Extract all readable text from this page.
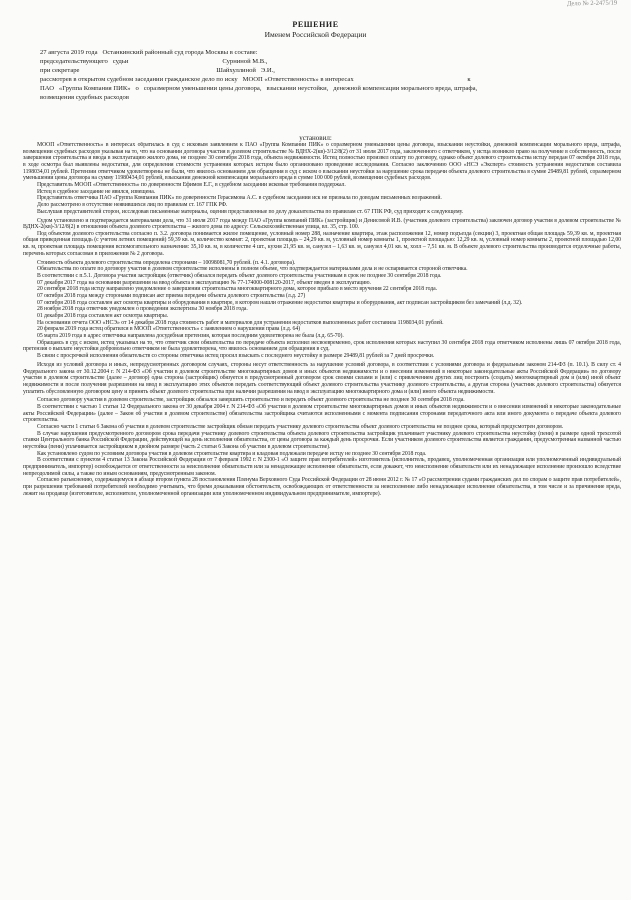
Дело № 2-2475/19
РЕШЕНИЕ
Именем Российской Федерации
27 августа 2019 года   Останкинский районный суд города Москвы в составе:
председательствующего   судьи                                                         Сурниной М.В.,
при секретаре                                                                                   Шайхуллиной   Э.И.,
рассмотрев в открытом судебном заседании гражданское дело по иску   МООП «Ответственность» в интересах                                                                     к
ПАО   «Группа Компания ПИК»   о   соразмерном уменьшении цены договора,   взыскании неустойки,   денежной компенсации морального вреда, штрафа,
возмещения судебных расходов
установил:

МООП «Ответственность» в интересах обратилась в суд с исковым заявлением к ПАО «Группа Компании ПИК» о соразмерном уменьшении цены договора, взыскании неустойки, денежной компенсации морального вреда, штрафа, возмещении судебных расходов указывая на то, что на основании договора участия в долевом строительстве № ВДНХ-2(кв)-3/12/8(2) от 31 июля 2017 года, заключенного с ответчиком, у истца возникло право на получение в собственность, после завершения строительства и ввода в эксплуатацию жилого дома, не позднее 30 сентября 2018 года, объекта недвижимости. Истец полностью произвел оплату по договору, однако объект долевого строительства истцу передан 07 октября 2018 года, в ходе осмотра был выявлены недостатки, для определения стоимости устранения которых истцом было организовано проведение исследования. Согласно заключению ООО «НСЭ «Эксперт» стоимость устранения недостатков составила 1198034,01 рублей. Претензии ответчиком удовлетворены не были, что явилось основанием для обращения в суд с иском о взыскании неустойки за нарушение срока передачи объекта долевого строительства в сумме 29489,81 рублей, соразмерном уменьшении цены договора на сумму 11980434,01 рублей, взыскании денежной компенсации морального вреда в сумме 100 000 рублей, возмещении судебных расходов.

Представитель МООП «Ответственность» по доверенности Ефимов Е.Г., в судебном заседании исковые требования поддержал.

Истец в судебное заседание не явился, извещена.

Представитель ответчика ПАО «Группа Компания ПИК» по доверенности Герасимова А.С. в судебном заседании иск не признала по доводам письменных возражений.

Дело рассмотрено в отсутствие неявившихся лиц по правилам ст. 167 ГПК РФ.

Выслушав представителей сторон, исследовав письменные материалы, оценив представленные по делу доказательства по правилам ст. 67 ГПК РФ, суд приходит к следующему.

Судом установлено и подтверждается материалами дела, что 31 июля 2017 года между ПАО «Группа компаний ПИК» (застройщик) и Денисовой И.В. (участник долевого строительства) заключен договор участия в долевом строительстве № ВДНХ-2(кв)-3/12/8(2) в отношении объекта долевого строительства – жилого дома по адресу: Сельскохозяйственная улица, вл. 35, стр. 100.

Под объектом долевого строительства согласно п. 3.2. договора понимается жилое помещение, условный номер 288, назначение квартира, этаж расположения 12, номер подъезда (секции) 3, проектная общая площадь 59,39 кв. м, проектная общая приведенная площадь (с учетом летних помещений) 59,39 кв. м, количество комнат: 2, проектная площадь – 24,29 кв. м, условный номер комнаты 1, проектной площадью: 12,29 кв. м, условный номер комнаты 2, проектной площадью 12,00 кв. м, проектная площадь помещения вспомогательного назначения: 35,10 кв. м, в количестве 4 шт., кухня 21,95 кв. м, санузел – 1,63 кв. м, санузел 4,01 кв. м, холл – 7,51 кв. м. В объекте долевого строительства производится отделочные работы, перечень которых согласован в приложении № 2 договора.

Стоимость объекта долевого строительства определена сторонами – 10098081,70 рублей. (п. 4.1. договора).

Обязательства по оплате по договору участия в долевом строительстве исполнены в полном объеме, что подтверждается материалами дела и не оспаривается стороной ответчика.

В соответствии с п.5.1. Договора участия застройщик (ответчик) обязался передать объект долевого строительства участникам в срок не позднее 30 сентября 2018 года.

07 декабря 2017 года на основании разрешения на ввод объекта в эксплуатацию № 77-174000-008120-2017, объект введен в эксплуатацию.

20 сентября 2018 года истцу направлено уведомление о завершении строительства многоквартирного дома, которое прибыло в место вручения 22 сентября 2018 года.

07 октября 2018 года между сторонами подписан акт приема передачи объекта долевого строительства (л.д. 27)

07 октября 2018 года составлен акт осмотра квартиры и оборудования в квартире, в котором нашли отражение недостатки квартиры и оборудования, акт подписан застройщиком без замечаний (л.д. 32).

28 ноября 2018 года ответчик уведомлен о проведении экспертизы 30 ноября 2018 года.

01 декабря 2018 года составлен акт осмотра квартиры.

На основании отчета ООО «НСЭ» от 14 декабря 2018 года стоимость работ и материалов для устранения недостатков выполненных работ составила 1198034,01 рублей.

20 февраля 2019 года истец обратился в МООП «Ответственность» с заявлением о нарушении права (л.д. 64)

05 марта 2019 года в адрес ответчика направлена досудебная претензия, которая последним удовлетворена не была (л.д. 65-70).

Обращаясь в суд с иском, истец указывал на то, что ответчик свои обязательства по передаче объекта исполнил несвоевременно, срок исполнения которых наступил 30 сентября 2018 года ответчиком исполнены лишь 07 октября 2018 года, претензия о выплате неустойки добровольно ответчиком не была удовлетворена, что явилось основанием для обращения в суд.

В связи с просрочкой исполнения обязательств со стороны ответчика истец просил взыскать с последнего неустойку в размере 29489,81 рублей за 7 дней просрочки.

Исходя из условий договора и иных, непредусмотренных договором случаях, стороны несут ответственность за нарушение условий договора, в соответствии с условиями договора и федеральным законом 214-ФЗ (п. 10.1). В силу ст. 4 Федерального закона от 30.12.2004 г. N 214-ФЗ «Об участии в долевом строительстве многоквартирных домов и иных объектов недвижимости и о внесении изменений в некоторые законодательные акты Российской Федерации» по договору участия в долевом строительстве (далее – договор) одна сторона (застройщик) обязуется в предусмотренный договором срок своими силами и (или) с привлечением других лиц построить (создать) многоквартирный дом и (или) иной объект недвижимости и после получения разрешения на ввод в эксплуатацию этих объектов передать соответствующий объект долевого строительства участнику долевого строительства, а другая сторона (участник долевого строительства) обязуется уплатить обусловленную договором цену и принять объект долевого строительства при наличии разрешения на ввод в эксплуатацию многоквартирного дома и (или) иного объекта недвижимости.

Согласно договору участия в долевом строительстве, застройщик обязался завершить строительство и передать объект долевого строительства не позднее 30 сентября 2018 года.

В соответствии с частью 1 статьи 12 Федерального закона от 30 декабря 2004 г. N 214-ФЗ «Об участии в долевом строительстве многоквартирных домов и иных объектов недвижимости и о внесении изменений в некоторые законодательные акты Российской Федерации» (далее – Закон об участии в долевом строительстве) обязательства застройщика считаются исполненными с момента подписания сторонами передаточного акта или иного документа о передаче объекта долевого строительства.

Согласно части 1 статьи 6 Закона об участии в долевом строительстве застройщик обязан передать участнику долевого строительства объект долевого строительства не позднее срока, который предусмотрен договором.

В случае нарушения предусмотренного договором срока передачи участнику долевого строительства объекта долевого строительства застройщик уплачивает участнику долевого строительства неустойку (пени) в размере одной трехсотой ставки Центрального банка Российской Федерации, действующей на день исполнения обязательства, от цены договора за каждый день просрочки. Если участником долевого строительства является гражданин, предусмотренная названной частью неустойка (пени) уплачивается застройщиком в двойном размере (часть 2 статьи 6 Закона об участии в долевом строительстве).

Как установлено судом по условиям договора участия в долевом строительстве квартира и кладовая подлежали передаче истцу не позднее 30 сентября 2018 года.

В соответствии с пунктом 4 статьи 13 Закона Российской Федерации от 7 февраля 1992 г. N 2300-1 «О защите прав потребителей» изготовитель (исполнитель, продавец, уполномоченная организация или уполномоченный индивидуальный предприниматель, импортер) освобождается от ответственности за неисполнение обязательств или за ненадлежащее исполнение обязательств, если докажет, что неисполнение обязательств или их ненадлежащее исполнение произошло вследствие непреодолимой силы, а также по иным основаниям, предусмотренным законом.

Согласно разъяснению, содержащемуся в абзаце втором пункта 28 постановления Пленума Верховного Суда Российской Федерации от 28 июня 2012 г. № 17 «О рассмотрении судами гражданских дел по спорам о защите прав потребителей», при разрешении требований потребителей необходимо учитывать, что бремя доказывания обстоятельств, освобождающих от ответственности за неисполнение либо ненадлежащее исполнение обязательства, в том числе и за причинение вреда, лежит на продавце (изготовителе, исполнителе, уполномоченной организации или уполномоченном индивидуальном предпринимателе, импортере).
